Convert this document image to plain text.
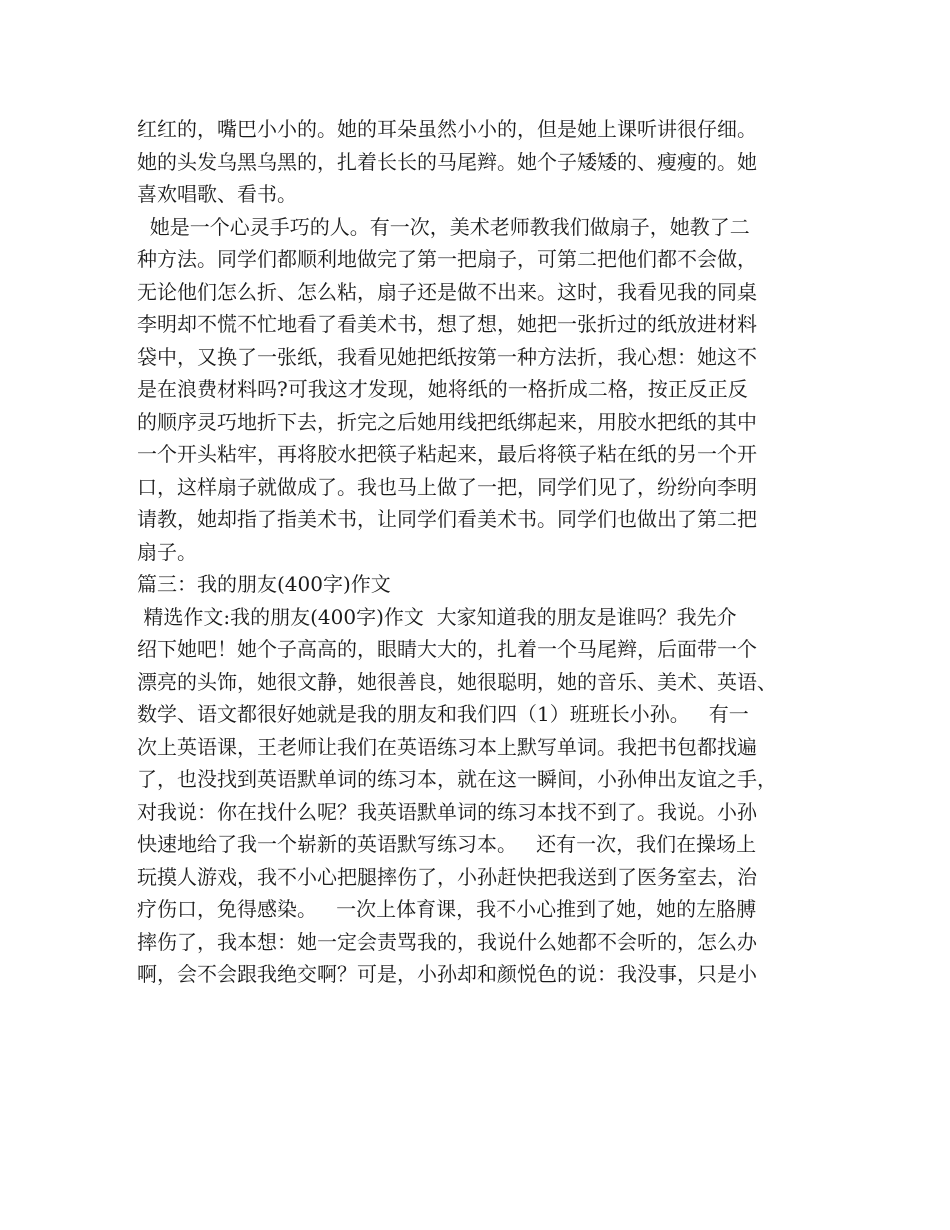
红红的，嘴巴小小的。她的耳朵虽然小小的，但是她上课听讲很仔细。
她的头发乌黑乌黑的，扎着长长的马尾辫。她个子矮矮的、瘦瘦的。她
喜欢唱歌、看书。
她是一个心灵手巧的人。有一次，美术老师教我们做扇子，她教了二
种方法。同学们都顺利地做完了第一把扇子，可第二把他们都不会做，
无论他们怎么折、怎么粘，扇子还是做不出来。这时，我看见我的同桌
李明却不慌不忙地看了看美术书，想了想，她把一张折过的纸放进材料
袋中，又换了一张纸，我看见她把纸按第一种方法折，我心想：她这不
是在浪费材料吗?可我这才发现，她将纸的一格折成二格，按正反正反
的顺序灵巧地折下去，折完之后她用线把纸绑起来，用胶水把纸的其中
一个开头粘牢，再将胶水把筷子粘起来，最后将筷子粘在纸的另一个开
口，这样扇子就做成了。我也马上做了一把，同学们见了，纷纷向李明
请教，她却指了指美术书，让同学们看美术书。同学们也做出了第二把
扇子。
篇三：我的朋友(400字)作文
精选作文:我的朋友(400字)作文  大家知道我的朋友是谁吗？我先介
绍下她吧！她个子高高的，眼睛大大的，扎着一个马尾辫，后面带一个
漂亮的头饰，她很文静，她很善良，她很聪明，她的音乐、美术、英语、
数学、语文都很好她就是我的朋友和我们四（1）班班长小孙。   有一
次上英语课，王老师让我们在英语练习本上默写单词。我把书包都找遍
了，也没找到英语默单词的练习本，就在这一瞬间，小孙伸出友谊之手，
对我说：你在找什么呢？我英语默单词的练习本找不到了。我说。小孙
快速地给了我一个崭新的英语默写练习本。   还有一次，我们在操场上
玩摸人游戏，我不小心把腿摔伤了，小孙赶快把我送到了医务室去，治
疗伤口，免得感染。   一次上体育课，我不小心推到了她，她的左胳膊
摔伤了，我本想：她一定会责骂我的，我说什么她都不会听的，怎么办
啊，会不会跟我绝交啊？可是，小孙却和颜悦色的说：我没事，只是小
